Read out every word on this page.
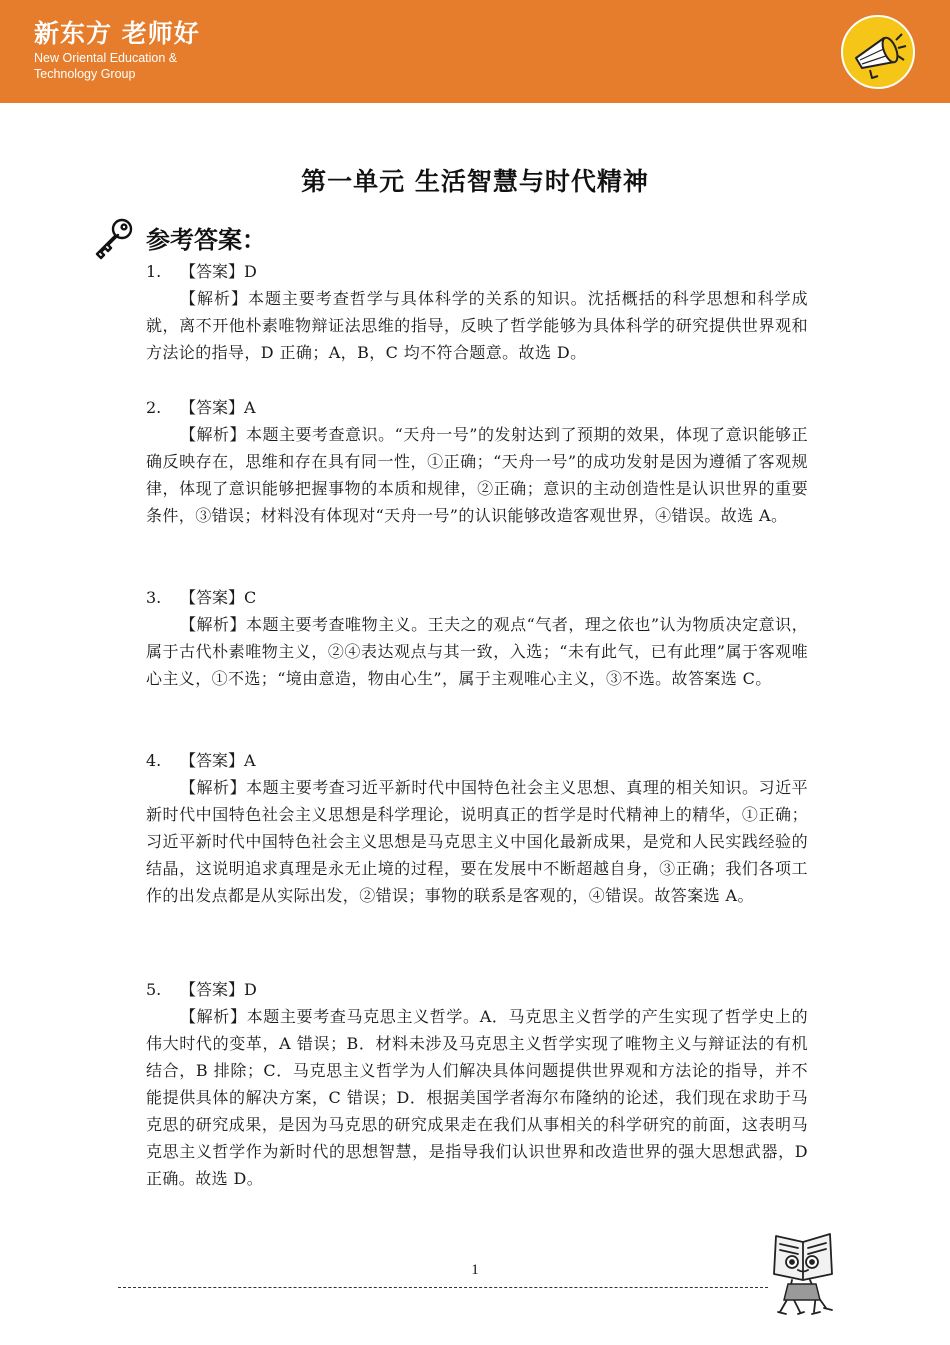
新东方 老师好
New Oriental Education &
Technology Group
第一单元 生活智慧与时代精神
参考答案：
1. 【答案】D

【解析】本题主要考查哲学与具体科学的关系的知识。沈括概括的科学思想和科学成就，离不开他朴素唯物辩证法思维的指导，反映了哲学能够为具体科学的研究提供世界观和方法论的指导，D 正确；A，B，C 均不符合题意。故选 D。

2. 【答案】A

【解析】本题主要考查意识。“天舟一号”的发射达到了预期的效果，体现了意识能够正确反映存在，思维和存在具有同一性，①正确；“天舟一号”的成功发射是因为遵循了客观规律，体现了意识能够把握事物的本质和规律，②正确；意识的主动创造性是认识世界的重要条件，③错误；材料没有体现对“天舟一号”的认识能够改造客观世界，④错误。故选 A。

3. 【答案】C

【解析】本题主要考查唯物主义。王夫之的观点“气者，理之依也”认为物质决定意识，属于古代朴素唯物主义，②④表达观点与其一致，入选；“未有此气，已有此理”属于客观唯心主义，①不选；“境由意造，物由心生”，属于主观唯心主义，③不选。故答案选 C。

4. 【答案】A

【解析】本题主要考查习近平新时代中国特色社会主义思想、真理的相关知识。习近平新时代中国特色社会主义思想是科学理论，说明真正的哲学是时代精神上的精华，①正确；习近平新时代中国特色社会主义思想是马克思主义中国化最新成果，是党和人民实践经验的结晶，这说明追求真理是永无止境的过程，要在发展中不断超越自身，③正确；我们各项工作的出发点都是从实际出发，②错误；事物的联系是客观的，④错误。故答案选 A。

5. 【答案】D

【解析】本题主要考查马克思主义哲学。A．马克思主义哲学的产生实现了哲学史上的伟大时代的变革，A 错误；B．材料未涉及马克思主义哲学实现了唯物主义与辩证法的有机结合，B 排除；C．马克思主义哲学为人们解决具体问题提供世界观和方法论的指导，并不能提供具体的解决方案，C 错误；D．根据美国学者海尔布隆纳的论述，我们现在求助于马克思的研究成果，是因为马克思的研究成果走在我们从事相关的科学研究的前面，这表明马克思主义哲学作为新时代的思想智慧，是指导我们认识世界和改造世界的强大思想武器，D 正确。故选 D。

1
